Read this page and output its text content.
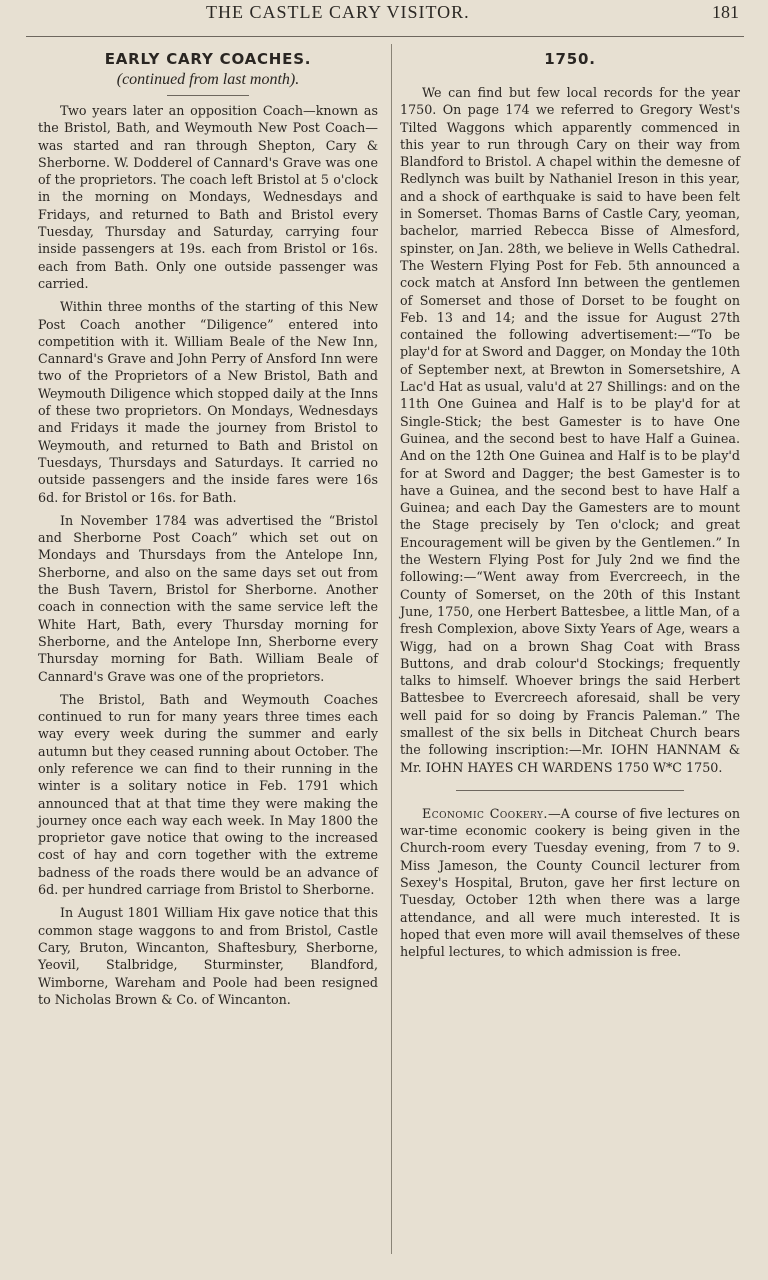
THE CASTLE CARY VISITOR.	181
EARLY CARY COACHES.
(continued from last month).

Two years later an opposition Coach—known as the Bristol, Bath, and Weymouth New Post Coach—was started and ran through Shepton, Cary & Sherborne. W. Dodderel of Cannard's Grave was one of the proprietors. The coach left Bristol at 5 o'clock in the morning on Mondays, Wednesdays and Fridays, and returned to Bath and Bristol every Tuesday, Thursday and Saturday, carrying four inside passengers at 19s. each from Bristol or 16s. each from Bath. Only one outside passenger was carried.

Within three months of the starting of this New Post Coach another “Diligence” entered into competition with it. William Beale of the New Inn, Cannard's Grave and John Perry of Ansford Inn were two of the Proprietors of a New Bristol, Bath and Weymouth Diligence which stopped daily at the Inns of these two proprietors. On Mondays, Wednesdays and Fridays it made the journey from Bristol to Weymouth, and returned to Bath and Bristol on Tuesdays, Thursdays and Saturdays. It carried no outside passengers and the inside fares were 16s 6d. for Bristol or 16s. for Bath.

In November 1784 was advertised the “Bristol and Sherborne Post Coach” which set out on Mondays and Thursdays from the Antelope Inn, Sherborne, and also on the same days set out from the Bush Tavern, Bristol for Sherborne. Another coach in connection with the same service left the White Hart, Bath, every Thursday morning for Sherborne, and the Antelope Inn, Sherborne every Thursday morning for Bath. William Beale of Cannard's Grave was one of the proprietors.

The Bristol, Bath and Weymouth Coaches continued to run for many years three times each way every week during the summer and early autumn but they ceased running about October. The only reference we can find to their running in the winter is a solitary notice in Feb. 1791 which announced that at that time they were making the journey once each way each week. In May 1800 the proprietor gave notice that owing to the increased cost of hay and corn together with the extreme badness of the roads there would be an advance of 6d. per hundred carriage from Bristol to Sherborne.

In August 1801 William Hix gave notice that this common stage waggons to and from Bristol, Castle Cary, Bruton, Wincanton, Shaftesbury, Sherborne, Yeovil, Stalbridge, Sturminster, Blandford, Wimborne, Wareham and Poole had been resigned to Nicholas Brown & Co. of Wincanton.

1750.

We can find but few local records for the year 1750. On page 174 we referred to Gregory West's Tilted Waggons which apparently commenced in this year to run through Cary on their way from Blandford to Bristol. A chapel within the demesne of Redlynch was built by Nathaniel Ireson in this year, and a shock of earthquake is said to have been felt in Somerset. Thomas Barns of Castle Cary, yeoman, bachelor, married Rebecca Bisse of Almesford, spinster, on Jan. 28th, we believe in Wells Cathedral. The Western Flying Post for Feb. 5th announced a cock match at Ansford Inn between the gentlemen of Somerset and those of Dorset to be fought on Feb. 13 and 14; and the issue for August 27th contained the following advertisement:—“To be play'd for at Sword and Dagger, on Monday the 10th of September next, at Brewton in Somersetshire, A Lac'd Hat as usual, valu'd at 27 Shillings: and on the 11th One Guinea and Half is to be play'd for at Single-Stick; the best Gamester is to have One Guinea, and the second best to have Half a Guinea. And on the 12th One Guinea and Half is to be play'd for at Sword and Dagger; the best Gamester is to have a Guinea, and the second best to have Half a Guinea; and each Day the Gamesters are to mount the Stage precisely by Ten o'clock; and great Encouragement will be given by the Gentlemen.” In the Western Flying Post for July 2nd we find the following:—“Went away from Evercreech, in the County of Somerset, on the 20th of this Instant June, 1750, one Herbert Battesbee, a little Man, of a fresh Complexion, above Sixty Years of Age, wears a Wigg, had on a brown Shag Coat with Brass Buttons, and drab colour'd Stockings; frequently talks to himself. Whoever brings the said Herbert Battesbee to Evercreech aforesaid, shall be very well paid for so doing by Francis Paleman.” The smallest of the six bells in Ditcheat Church bears the following inscription:—Mr. IOHN HANNAM & Mr. IOHN HAYES CH WARDENS 1750 W*C 1750.

Economic Cookery.—A course of five lectures on war-time economic cookery is being given in the Church-room every Tuesday evening, from 7 to 9. Miss Jameson, the County Council lecturer from Sexey's Hospital, Bruton, gave her first lecture on Tuesday, October 12th when there was a large attendance, and all were much interested. It is hoped that even more will avail themselves of these helpful lectures, to which admission is free.
